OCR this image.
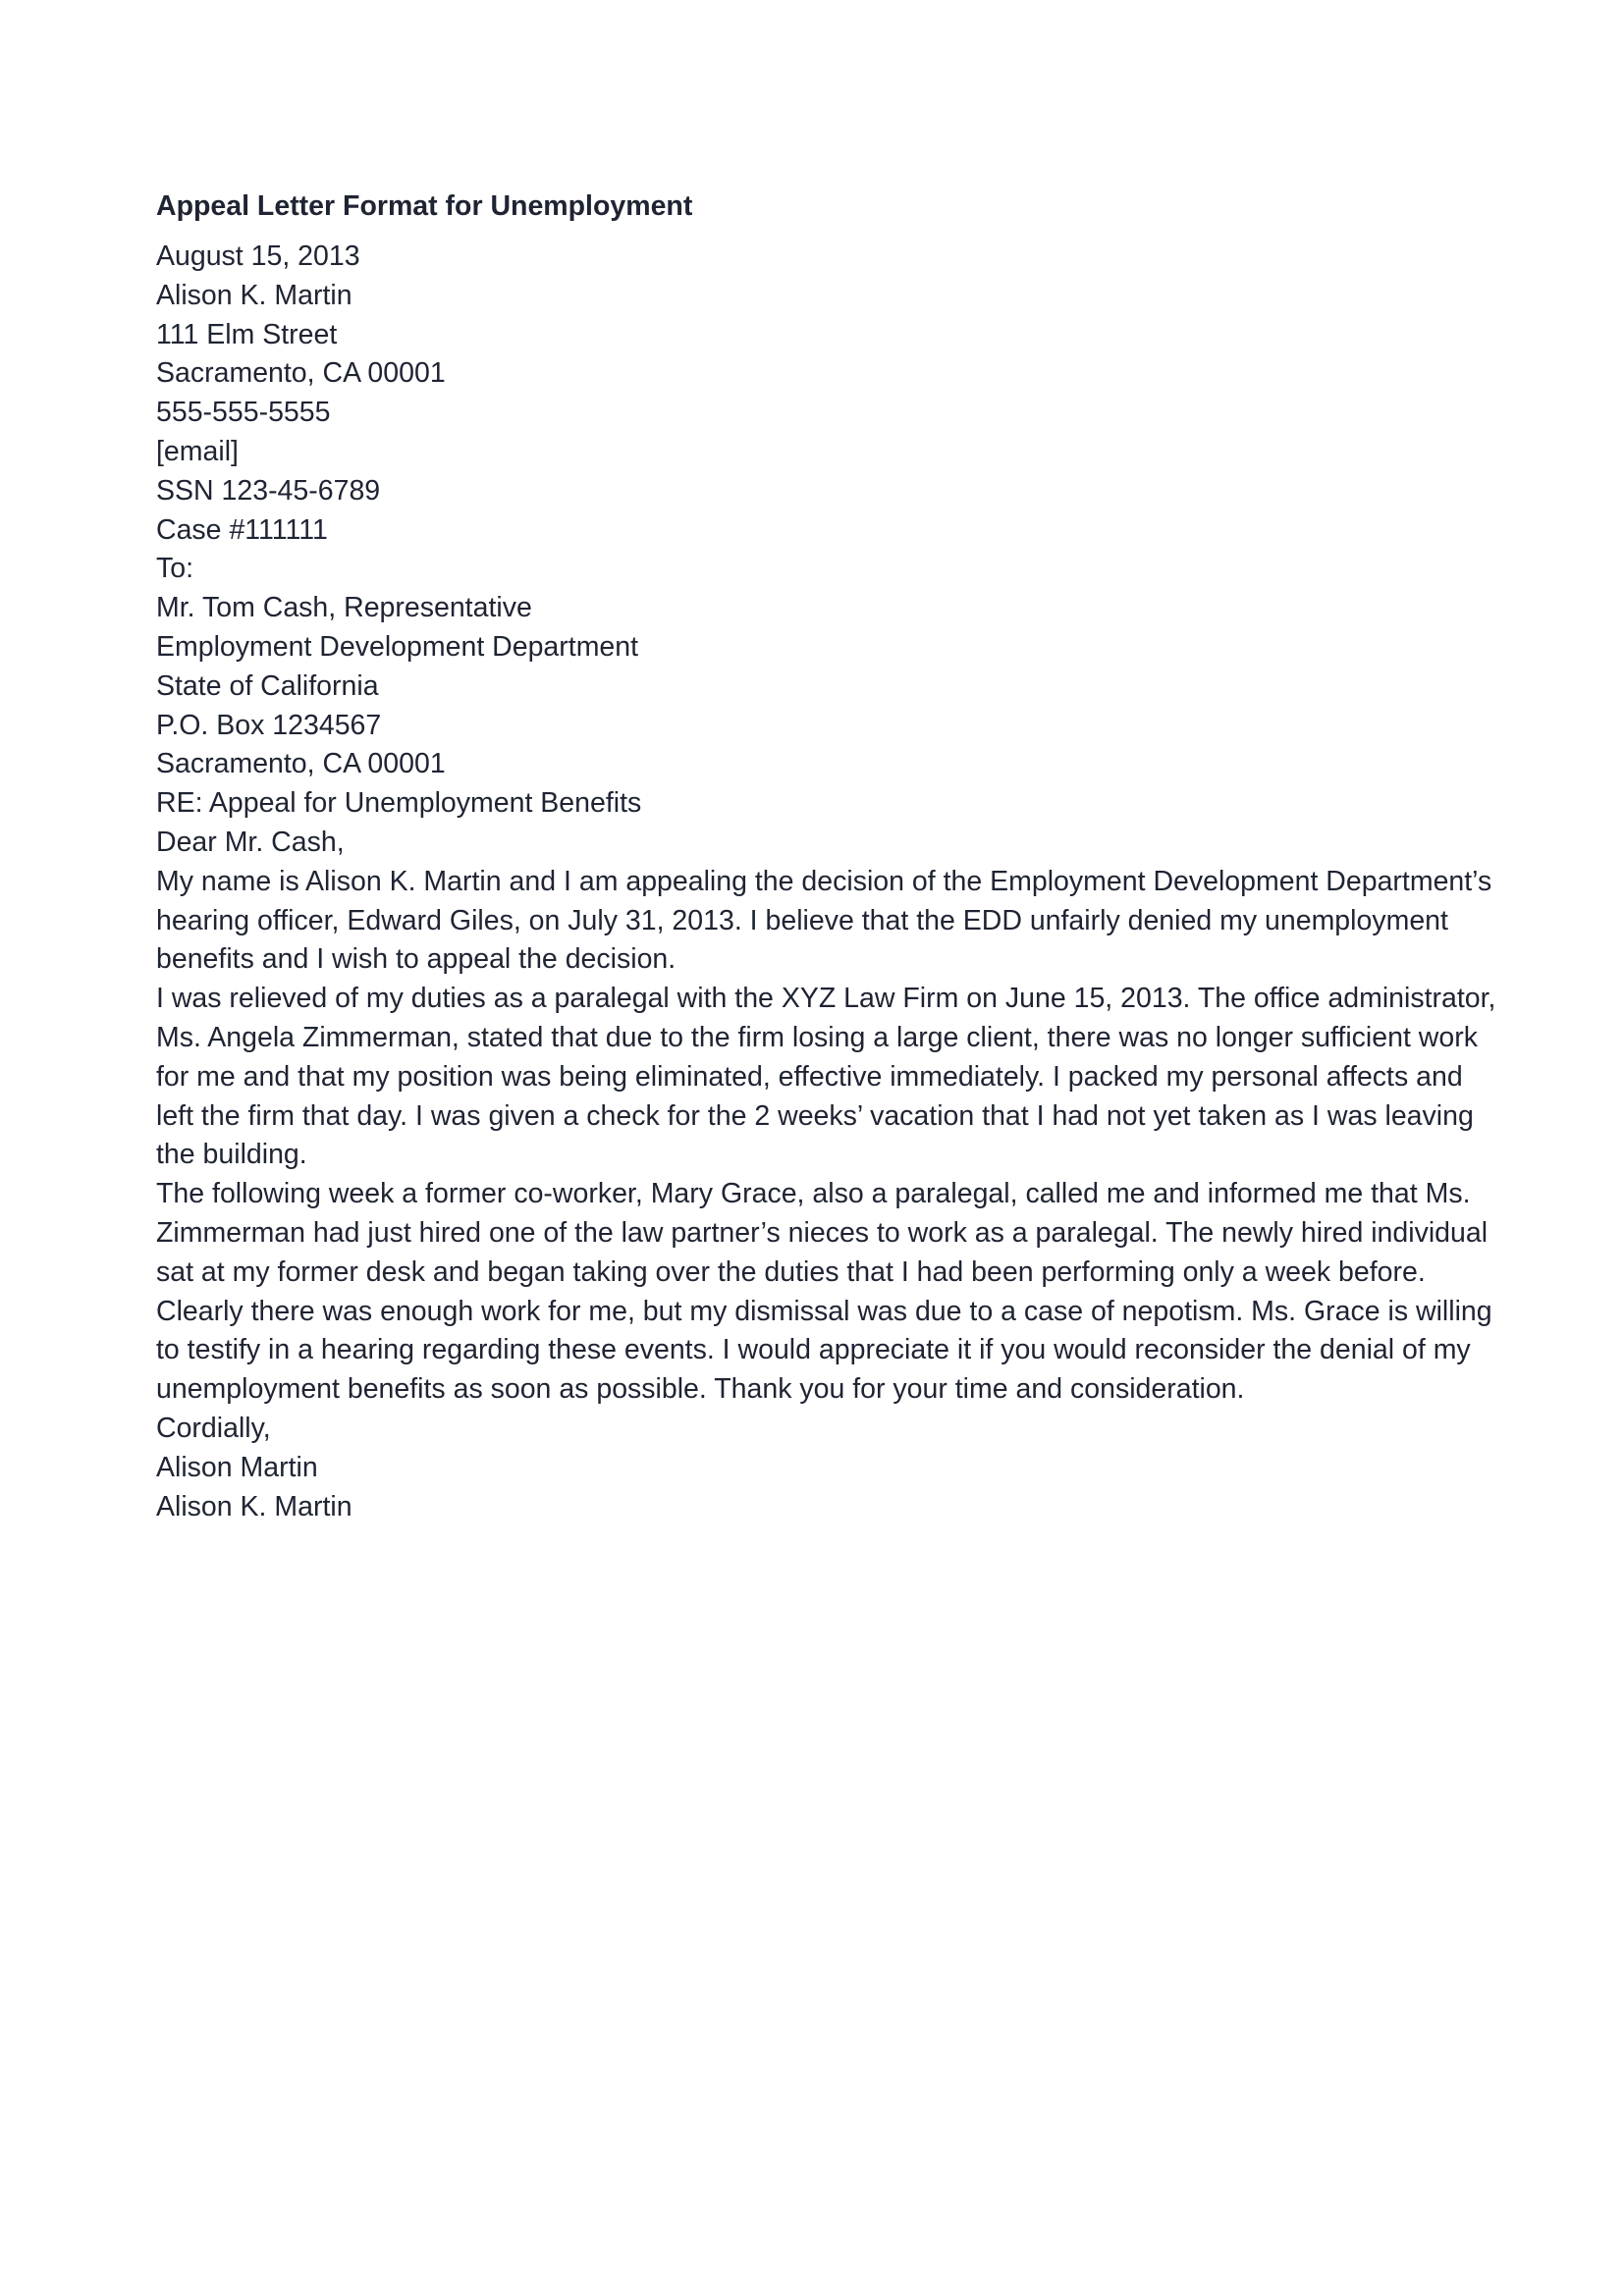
Appeal Letter Format for Unemployment
August 15, 2013
Alison K. Martin
111 Elm Street
Sacramento, CA 00001
555-555-5555
[email]
SSN 123-45-6789
Case #111111
To:
Mr. Tom Cash, Representative
Employment Development Department
State of California
P.O. Box 1234567
Sacramento, CA 00001
RE: Appeal for Unemployment Benefits
Dear Mr. Cash,
My name is Alison K. Martin and I am appealing the decision of the Employment Development Department’s
hearing officer, Edward Giles, on July 31, 2013. I believe that the EDD unfairly denied my unemployment
benefits and I wish to appeal the decision.
I was relieved of my duties as a paralegal with the XYZ Law Firm on June 15, 2013. The office administrator,
Ms. Angela Zimmerman, stated that due to the firm losing a large client, there was no longer sufficient work
for me and that my position was being eliminated, effective immediately. I packed my personal affects and
left the firm that day. I was given a check for the 2 weeks’ vacation that I had not yet taken as I was leaving
the building.
The following week a former co-worker, Mary Grace, also a paralegal, called me and informed me that Ms.
Zimmerman had just hired one of the law partner’s nieces to work as a paralegal. The newly hired individual
sat at my former desk and began taking over the duties that I had been performing only a week before.
Clearly there was enough work for me, but my dismissal was due to a case of nepotism. Ms. Grace is willing
to testify in a hearing regarding these events. I would appreciate it if you would reconsider the denial of my
unemployment benefits as soon as possible. Thank you for your time and consideration.
Cordially,
Alison Martin
Alison K. Martin
